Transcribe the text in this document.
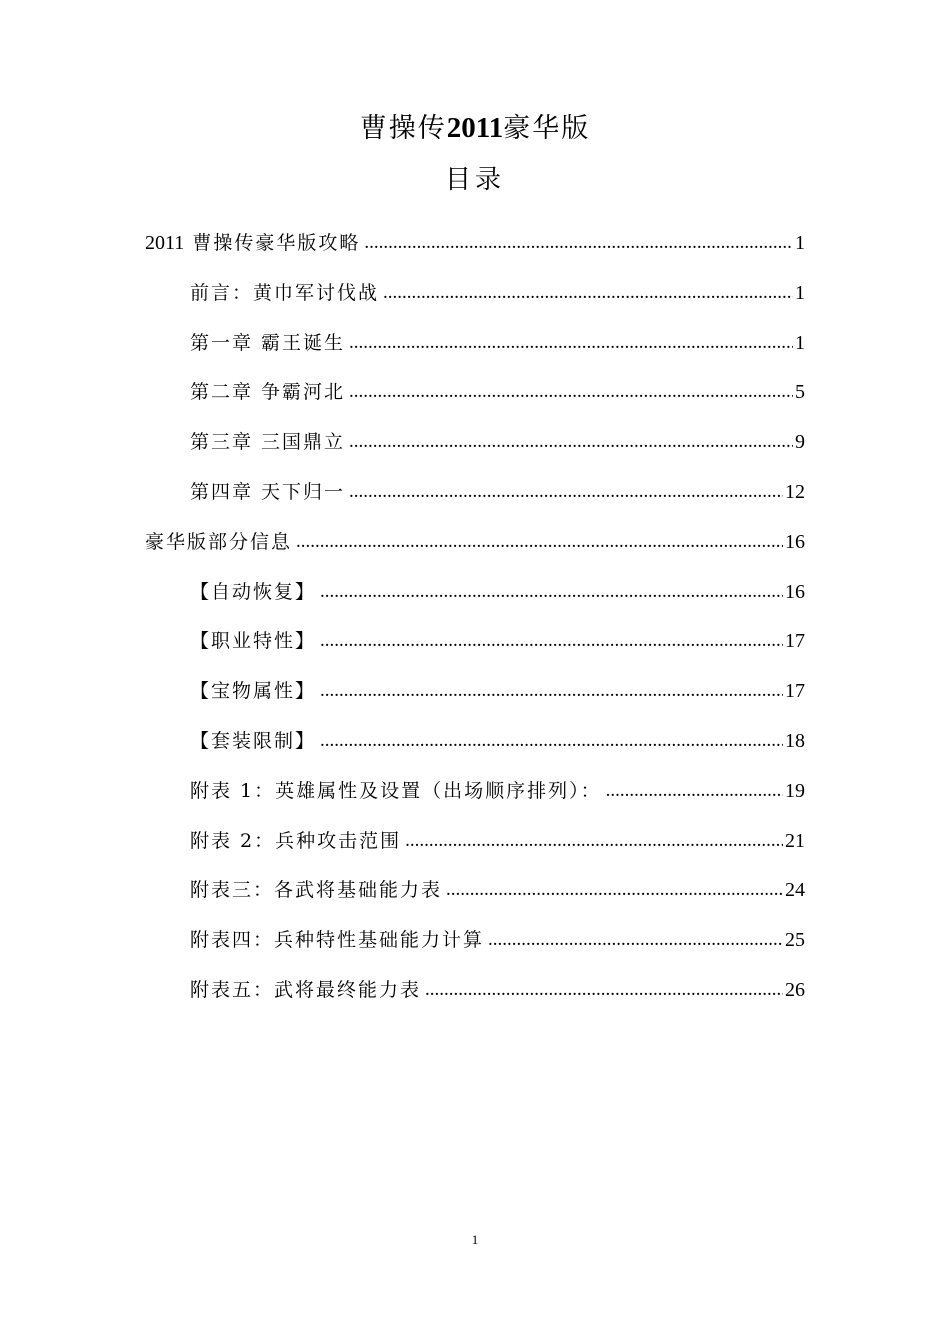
曹操传2011豪华版
目录
2011 曹操传豪华版攻略 .....	1
前言：黄巾军讨伐战 .....	1
第一章 霸王诞生 .....	1
第二章 争霸河北 .....	5
第三章 三国鼎立 .....	9
第四章 天下归一 .....	12
豪华版部分信息 .....	16
【自动恢复】 .....	16
【职业特性】 .....	17
【宝物属性】 .....	17
【套装限制】 .....	18
附表 1：英雄属性及设置（出场顺序排列）： .....	19
附表 2：兵种攻击范围 .....	21
附表三：各武将基础能力表 .....	24
附表四：兵种特性基础能力计算 .....	25
附表五：武将最终能力表 .....	26
1
